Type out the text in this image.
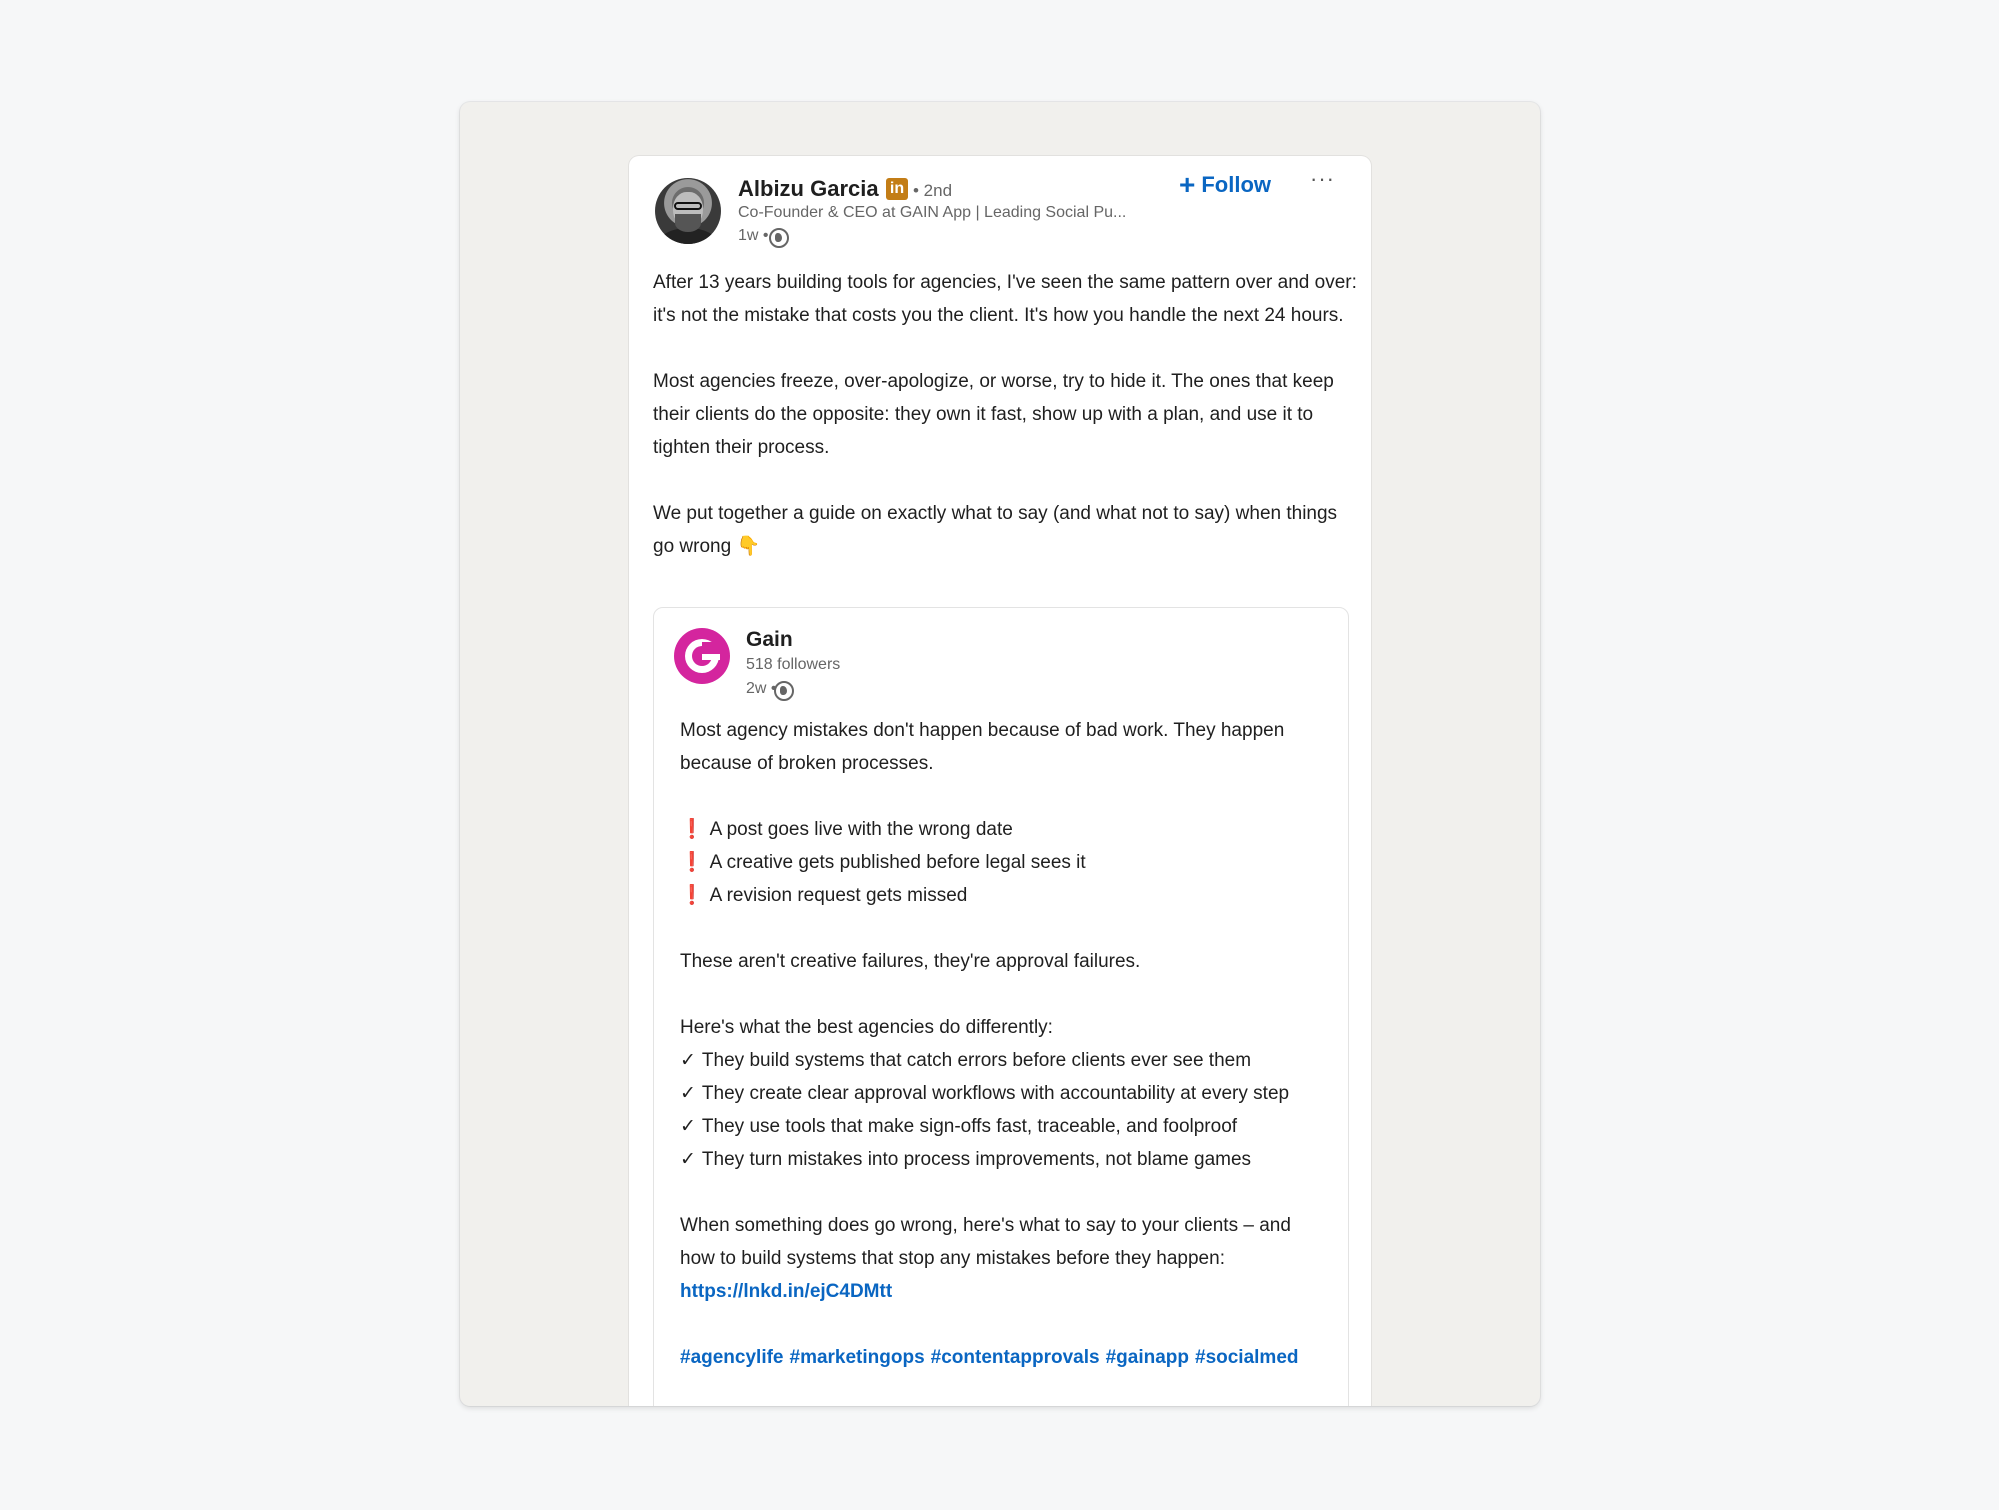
Albizu Garcia in • 2nd
Co-Founder & CEO at GAIN App | Leading Social Pu...
1w •
+ Follow ···

After 13 years building tools for agencies, I've seen the same pattern over and over: it's not the mistake that costs you the client. It's how you handle the next 24 hours.

Most agencies freeze, over-apologize, or worse, try to hide it. The ones that keep their clients do the opposite: they own it fast, show up with a plan, and use it to tighten their process.

We put together a guide on exactly what to say (and what not to say) when things go wrong 👇

Gain
518 followers
2w •

Most agency mistakes don't happen because of bad work. They happen because of broken processes.

❗ A post goes live with the wrong date
❗ A creative gets published before legal sees it
❗ A revision request gets missed

These aren't creative failures, they're approval failures.

Here's what the best agencies do differently:
✓ They build systems that catch errors before clients ever see them
✓ They create clear approval workflows with accountability at every step
✓ They use tools that make sign-offs fast, traceable, and foolproof
✓ They turn mistakes into process improvements, not blame games

When something does go wrong, here's what to say to your clients – and how to build systems that stop any mistakes before they happen: https://lnkd.in/ejC4DMtt

#agencylife #marketingops #contentapprovals #gainapp #socialmed
